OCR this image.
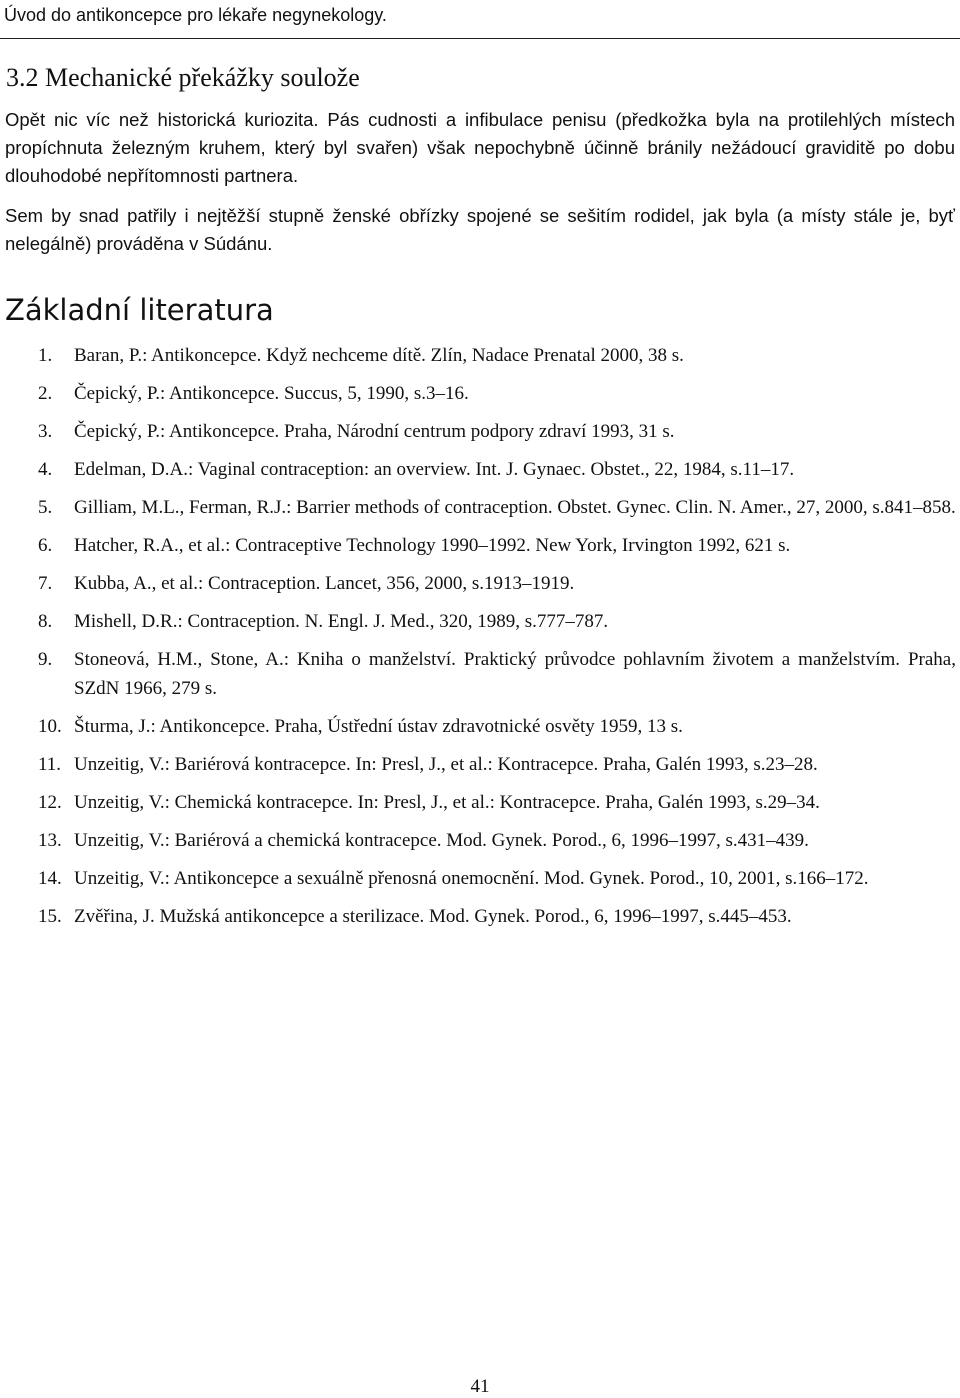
Úvod do antikoncepce pro lékaře negynekology.
3.2 Mechanické překážky soulože

Opět nic víc než historická kuriozita. Pás cudnosti a infibulace penisu (předkožka byla na protilehlých místech propíchnuta železným kruhem, který byl svařen) však nepochybně účinně bránily nežádoucí graviditě po dobu dlouhodobé nepřítomnosti partnera.

Sem by snad patřily i nejtěžší stupně ženské obřízky spojené se sešitím rodidel, jak byla (a místy stále je, byť nelegálně) prováděna v Súdánu.

Základní literatura
1. Baran, P.: Antikoncepce. Když nechceme dítě. Zlín, Nadace Prenatal 2000, 38 s.
2. Čepický, P.: Antikoncepce. Succus, 5, 1990, s.3–16.
3. Čepický, P.: Antikoncepce. Praha, Národní centrum podpory zdraví 1993, 31 s.
4. Edelman, D.A.: Vaginal contraception: an overview. Int. J. Gynaec. Obstet., 22, 1984, s.11–17.
5. Gilliam, M.L., Ferman, R.J.: Barrier methods of contraception. Obstet. Gynec. Clin. N. Amer., 27, 2000, s.841–858.
6. Hatcher, R.A., et al.: Contraceptive Technology 1990–1992. New York, Irvington 1992, 621 s.
7. Kubba, A., et al.: Contraception. Lancet, 356, 2000, s.1913–1919.
8. Mishell, D.R.: Contraception. N. Engl. J. Med., 320, 1989, s.777–787.
9. Stoneová, H.M., Stone, A.: Kniha o manželství. Praktický průvodce pohlavním životem a manželstvím. Praha, SZdN 1966, 279 s.
10. Šturma, J.: Antikoncepce. Praha, Ústřední ústav zdravotnické osvěty 1959, 13 s.
11. Unzeitig, V.: Bariérová kontracepce. In: Presl, J., et al.: Kontracepce. Praha, Galén 1993, s.23–28.
12. Unzeitig, V.: Chemická kontracepce. In: Presl, J., et al.: Kontracepce. Praha, Galén 1993, s.29–34.
13. Unzeitig, V.: Bariérová a chemická kontracepce. Mod. Gynek. Porod., 6, 1996–1997, s.431–439.
14. Unzeitig, V.: Antikoncepce a sexuálně přenosná onemocnění. Mod. Gynek. Porod., 10, 2001, s.166–172.
15. Zvěřina, J. Mužská antikoncepce a sterilizace. Mod. Gynek. Porod., 6, 1996–1997, s.445–453.
41
